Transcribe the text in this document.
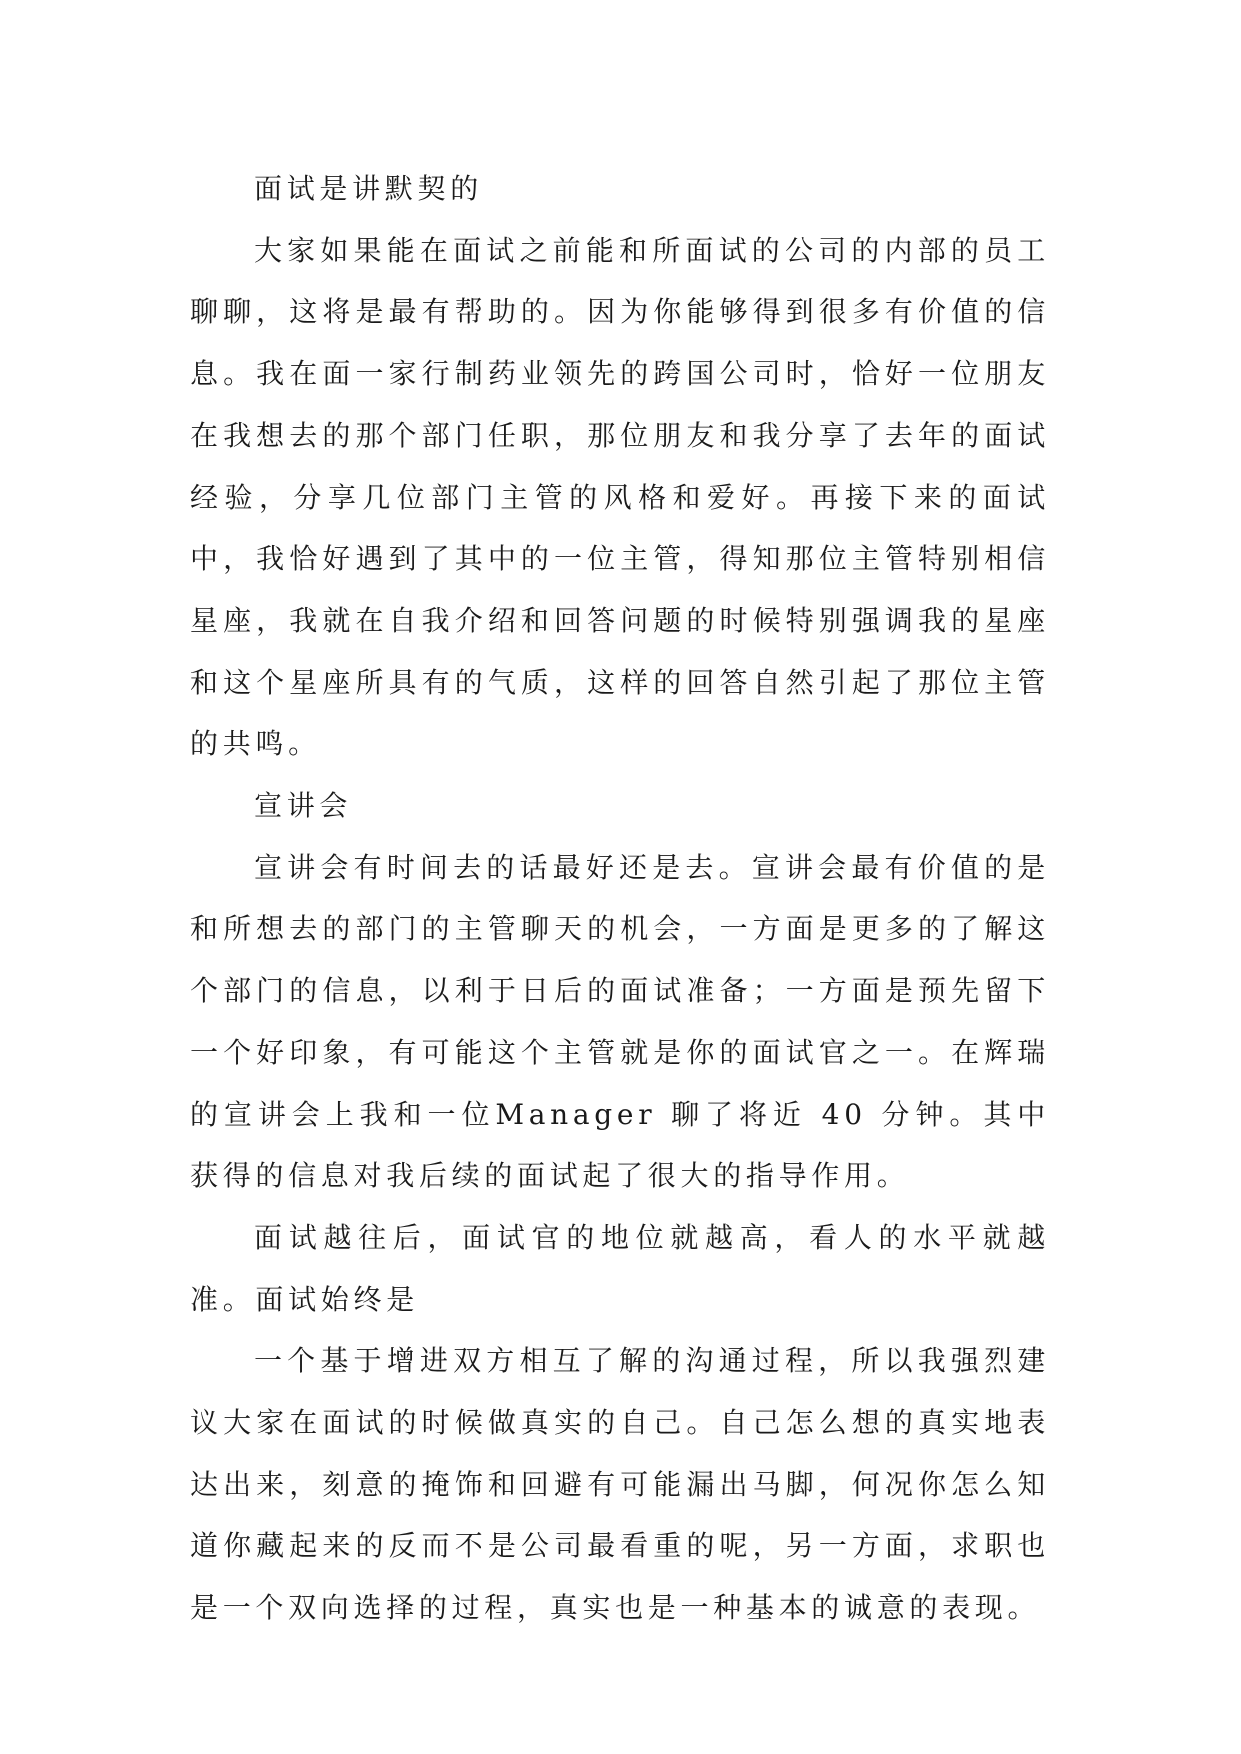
面试是讲默契的

大家如果能在面试之前能和所面试的公司的内部的员工聊聊，这将是最有帮助的。因为你能够得到很多有价值的信息。我在面一家行制药业领先的跨国公司时，恰好一位朋友在我想去的那个部门任职，那位朋友和我分享了去年的面试经验，分享几位部门主管的风格和爱好。再接下来的面试中，我恰好遇到了其中的一位主管，得知那位主管特别相信星座，我就在自我介绍和回答问题的时候特别强调我的星座和这个星座所具有的气质，这样的回答自然引起了那位主管的共鸣。

宣讲会

宣讲会有时间去的话最好还是去。宣讲会最有价值的是和所想去的部门的主管聊天的机会，一方面是更多的了解这个部门的信息，以利于日后的面试准备；一方面是预先留下一个好印象，有可能这个主管就是你的面试官之一。在辉瑞的宣讲会上我和一位Manager 聊了将近 40 分钟。其中获得的信息对我后续的面试起了很大的指导作用。

面试越往后，面试官的地位就越高，看人的水平就越准。面试始终是

一个基于增进双方相互了解的沟通过程，所以我强烈建议大家在面试的时候做真实的自己。自己怎么想的真实地表达出来，刻意的掩饰和回避有可能漏出马脚，何况你怎么知道你藏起来的反而不是公司最看重的呢，另一方面，求职也是一个双向选择的过程，真实也是一种基本的诚意的表现。
